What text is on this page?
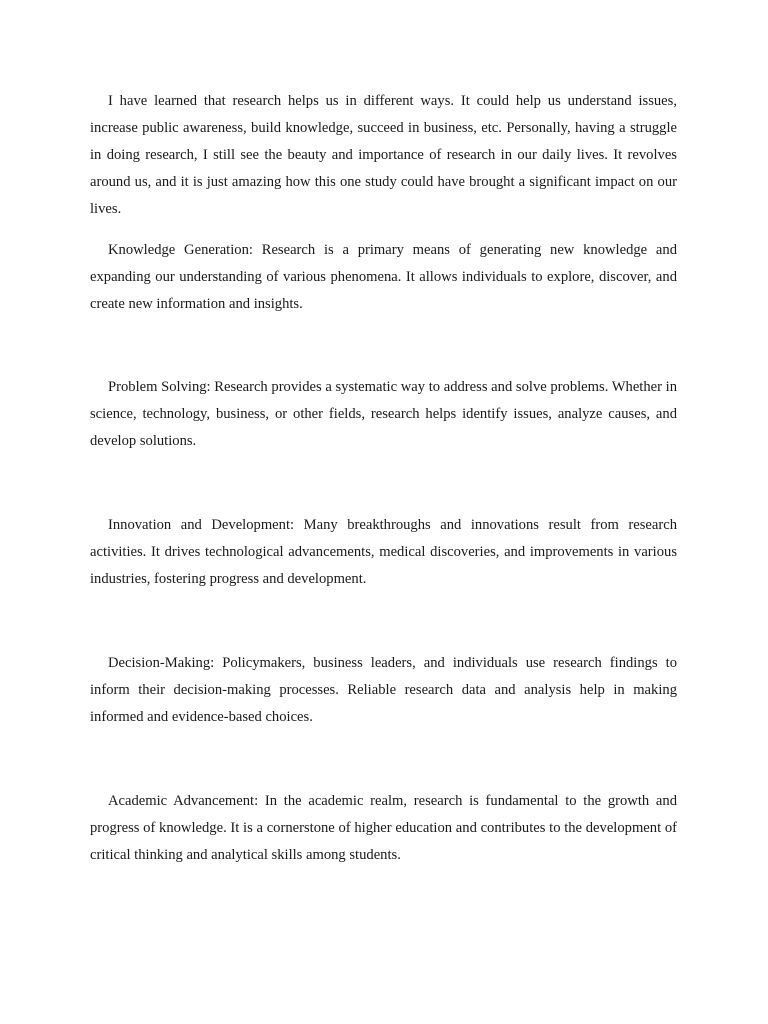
I have learned that research helps us in different ways. It could help us understand issues, increase public awareness, build knowledge, succeed in business, etc. Personally, having a struggle in doing research, I still see the beauty and importance of research in our daily lives. It revolves around us, and it is just amazing how this one study could have brought a significant impact on our lives.

Knowledge Generation: Research is a primary means of generating new knowledge and expanding our understanding of various phenomena. It allows individuals to explore, discover, and create new information and insights.

Problem Solving: Research provides a systematic way to address and solve problems. Whether in science, technology, business, or other fields, research helps identify issues, analyze causes, and develop solutions.

Innovation and Development: Many breakthroughs and innovations result from research activities. It drives technological advancements, medical discoveries, and improvements in various industries, fostering progress and development.

Decision-Making: Policymakers, business leaders, and individuals use research findings to inform their decision-making processes. Reliable research data and analysis help in making informed and evidence-based choices.

Academic Advancement: In the academic realm, research is fundamental to the growth and progress of knowledge. It is a cornerstone of higher education and contributes to the development of critical thinking and analytical skills among students.
